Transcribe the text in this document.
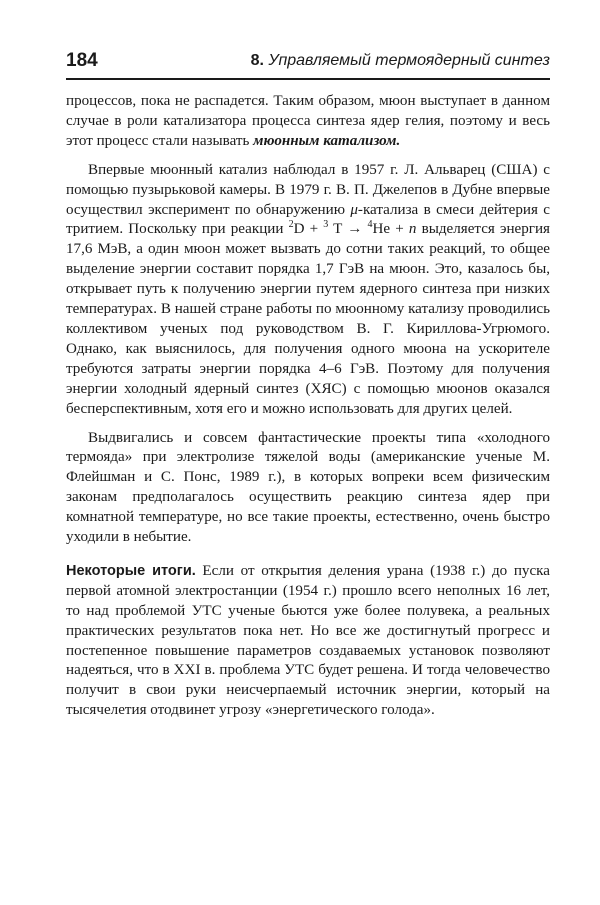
184	8. Управляемый термоядерный синтез

процессов, пока не распадется. Таким образом, мюон выступает в данном случае в роли катализатора процесса синтеза ядер гелия, поэтому и весь этот процесс стали называть мюонным катализом.

Впервые мюонный катализ наблюдал в 1957 г. Л. Альварец (США) с помощью пузырьковой камеры. В 1979 г. В. П. Джелепов в Дубне впервые осуществил эксперимент по обнаружению μ-катализа в смеси дейтерия с тритием. Поскольку при реакции $^2$D + $^3$ T → $^4$He + n выделяется энергия 17,6 МэВ, а один мюон может вызвать до сотни таких реакций, то общее выделение энергии составит порядка 1,7 ГэВ на мюон. Это, казалось бы, открывает путь к получению энергии путем ядерного синтеза при низких температурах. В нашей стране работы по мюонному катализу проводились коллективом ученых под руководством В. Г. Кириллова-Угрюмого. Однако, как выяснилось, для получения одного мюона на ускорителе требуются затраты энергии порядка 4–6 ГэВ. Поэтому для получения энергии холодный ядерный синтез (ХЯС) с помощью мюонов оказался бесперспективным, хотя его и можно использовать для других целей.

Выдвигались и совсем фантастические проекты типа «холодного термояда» при электролизе тяжелой воды (американские ученые М. Флейшман и С. Понс, 1989 г.), в которых вопреки всем физическим законам предполагалось осуществить реакцию синтеза ядер при комнатной температуре, но все такие проекты, естественно, очень быстро уходили в небытие.

Некоторые итоги. Если от открытия деления урана (1938 г.) до пуска первой атомной электростанции (1954 г.) прошло всего неполных 16 лет, то над проблемой УТС ученые бьются уже более полувека, а реальных практических результатов пока нет. Но все же достигнутый прогресс и постепенное повышение параметров создаваемых установок позволяют надеяться, что в XXI в. проблема УТС будет решена. И тогда человечество получит в свои руки неисчерпаемый источник энергии, который на тысячелетия отодвинет угрозу «энергетического голода».
